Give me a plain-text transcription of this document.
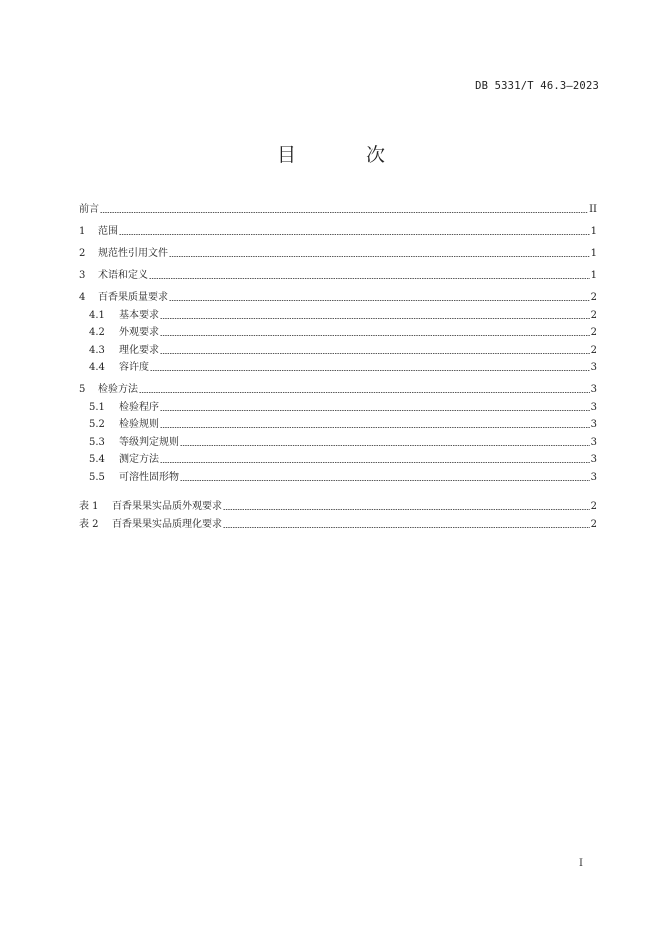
DB 5331/T 46.3—2023
目 次
前言	II
1	范围	1
2	规范性引用文件	1
3	术语和定义	1
4	百香果质量要求	2
4.1	基本要求	2
4.2	外观要求	2
4.3	理化要求	2
4.4	容许度	3
5	检验方法	3
5.1	检验程序	3
5.2	检验规则	3
5.3	等级判定规则	3
5.4	测定方法	3
5.5	可溶性固形物	3
表 1	百香果果实品质外观要求	2
表 2	百香果果实品质理化要求	2
I
